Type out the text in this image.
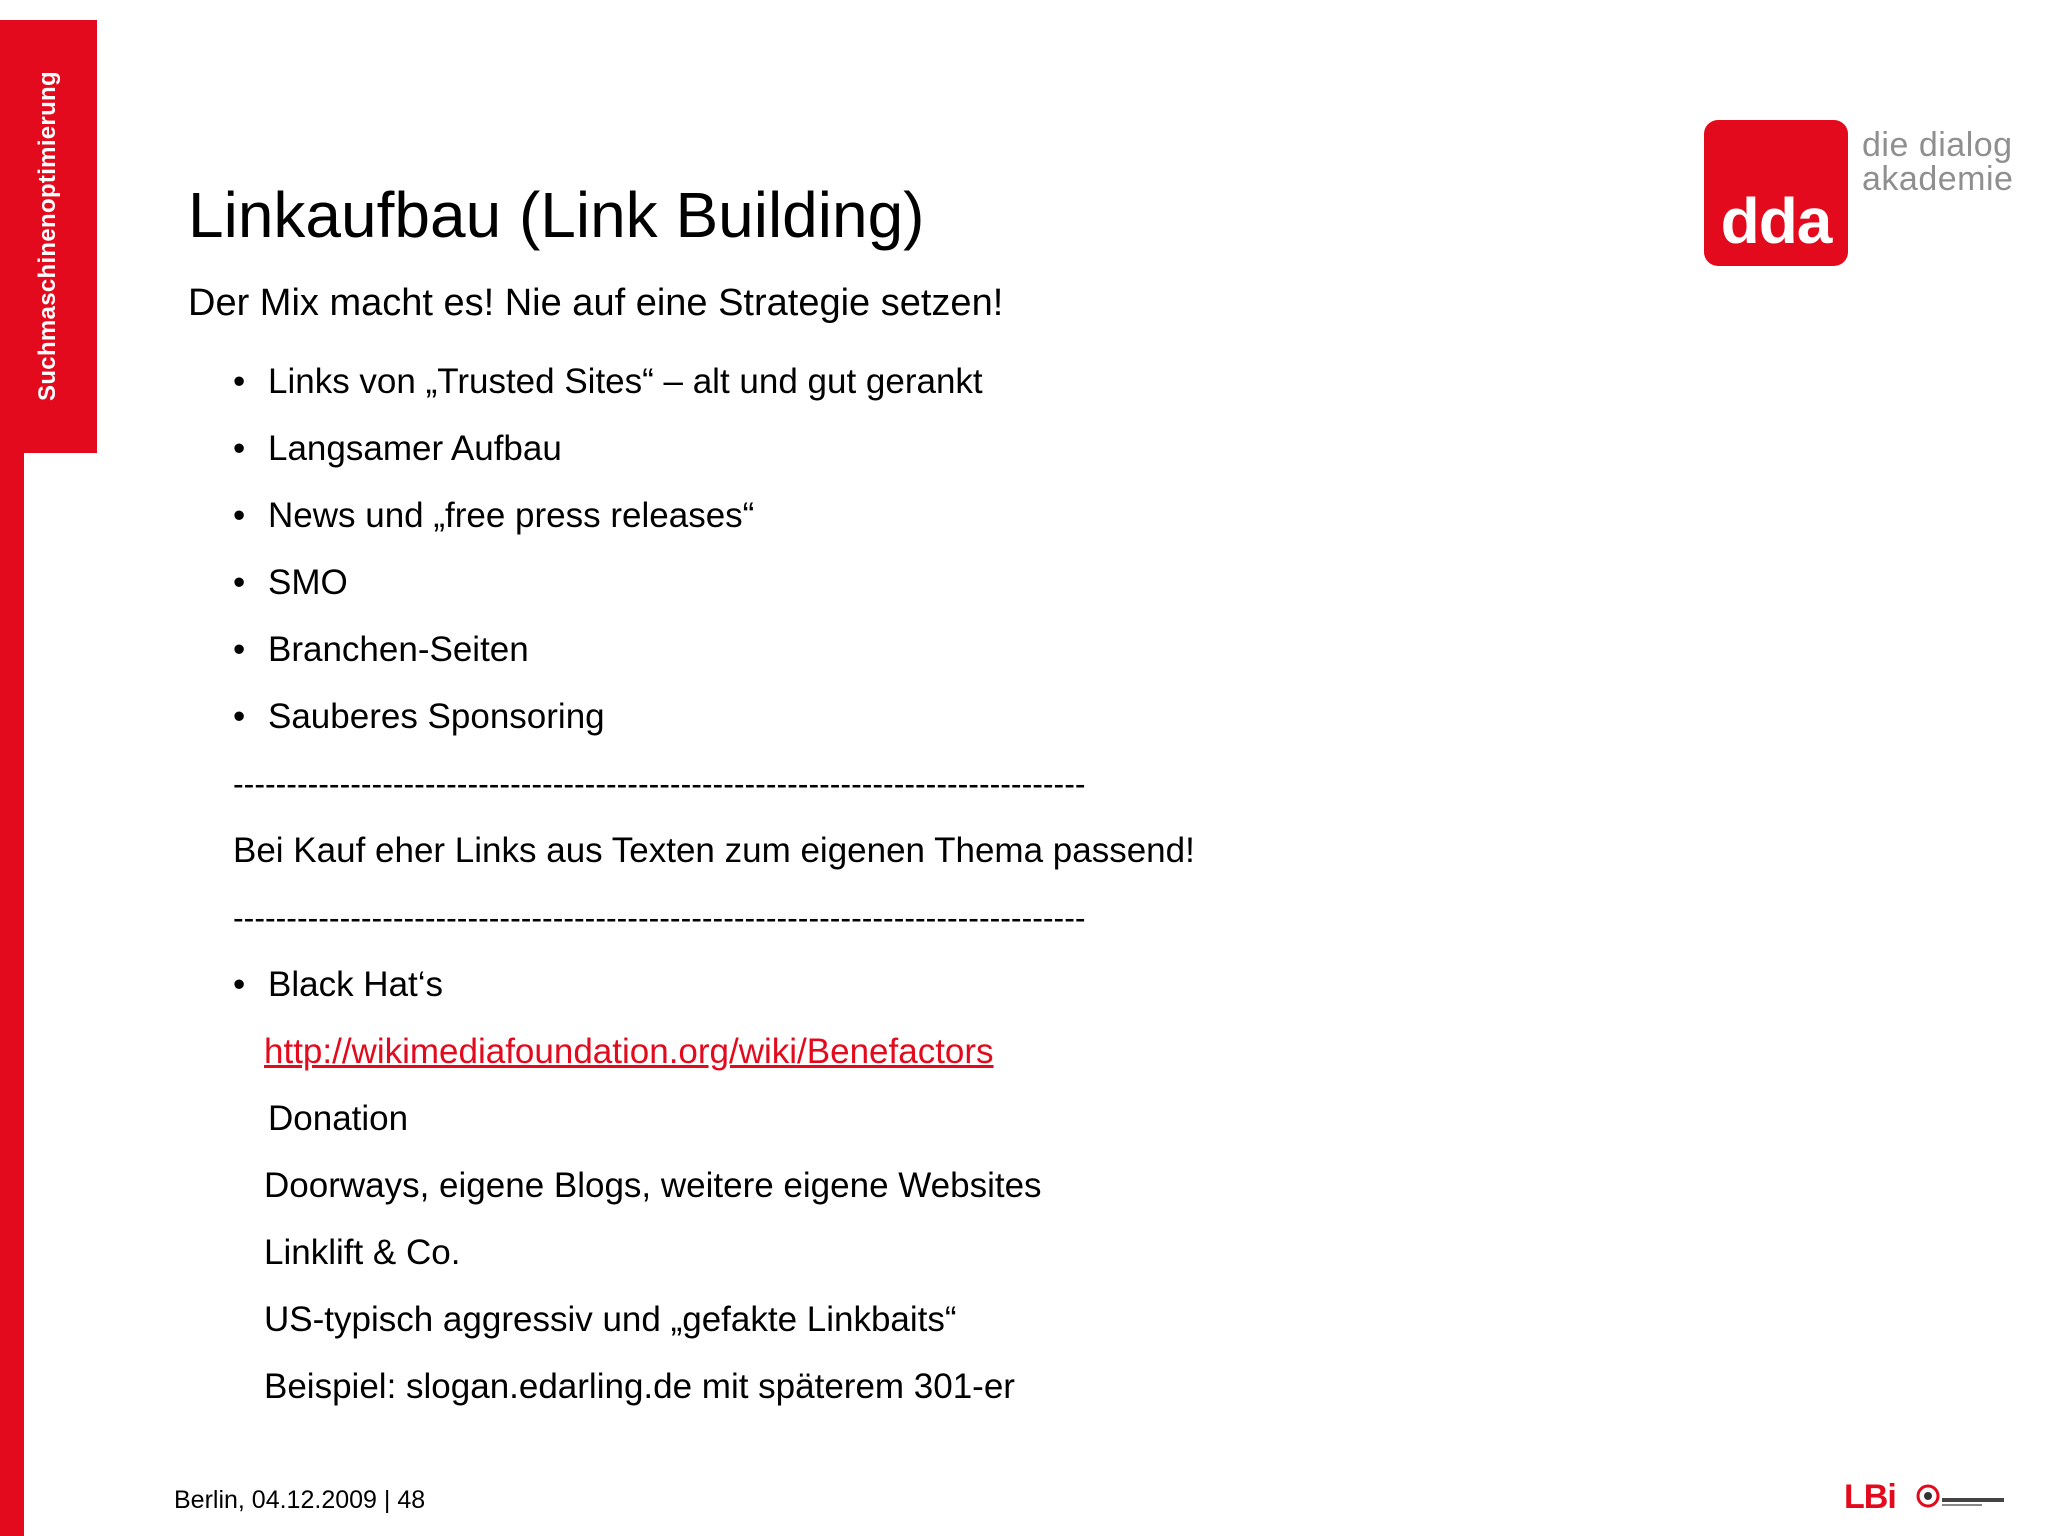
Suchmaschinenoptimierung	dda
die dialog
akademie
Linkaufbau (Link Building)
Der Mix macht es! Nie auf eine Strategie setzen!
• Links von „Trusted Sites“ – alt und gut gerankt
• Langsamer Aufbau
• News und „free press releases“
• SMO
• Branchen-Seiten
• Sauberes Sponsoring
--------------------------------------------------------------------------------
Bei Kauf eher Links aus Texten zum eigenen Thema passend!
--------------------------------------------------------------------------------
• Black Hat‘s
http://wikimediafoundation.org/wiki/Benefactors
Donation
Doorways, eigene Blogs, weitere eigene Websites
Linklift & Co.
US-typisch aggressiv und „gefakte Linkbaits“
Beispiel: slogan.edarling.de mit späterem 301-er
Berlin, 04.12.2009 | 48	LBi
